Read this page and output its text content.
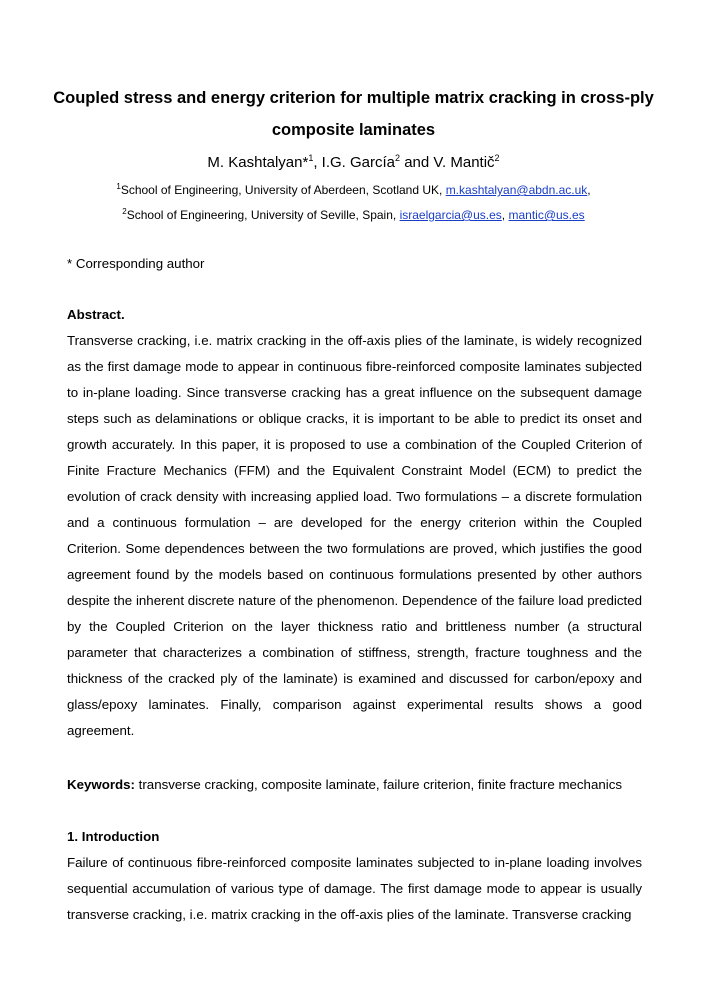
Coupled stress and energy criterion for multiple matrix cracking in cross-ply composite laminates
M. Kashtalyan*$^1$, I.G. García$^2$ and V. Mantič$^2$
$^1$School of Engineering, University of Aberdeen, Scotland UK, m.kashtalyan@abdn.ac.uk,
$^2$School of Engineering, University of Seville, Spain, israelgarcia@us.es, mantic@us.es
* Corresponding author
Abstract.
Transverse cracking, i.e. matrix cracking in the off-axis plies of the laminate, is widely recognized as the first damage mode to appear in continuous fibre-reinforced composite laminates subjected to in-plane loading. Since transverse cracking has a great influence on the subsequent damage steps such as delaminations or oblique cracks, it is important to be able to predict its onset and growth accurately. In this paper, it is proposed to use a combination of the Coupled Criterion of Finite Fracture Mechanics (FFM) and the Equivalent Constraint Model (ECM) to predict the evolution of crack density with increasing applied load. Two formulations – a discrete formulation and a continuous formulation – are developed for the energy criterion within the Coupled Criterion. Some dependences between the two formulations are proved, which justifies the good agreement found by the models based on continuous formulations presented by other authors despite the inherent discrete nature of the phenomenon. Dependence of the failure load predicted by the Coupled Criterion on the layer thickness ratio and brittleness number (a structural parameter that characterizes a combination of stiffness, strength, fracture toughness and the thickness of the cracked ply of the laminate) is examined and discussed for carbon/epoxy and glass/epoxy laminates. Finally, comparison against experimental results shows a good agreement.
Keywords: transverse cracking, composite laminate, failure criterion, finite fracture mechanics
1. Introduction
Failure of continuous fibre-reinforced composite laminates subjected to in-plane loading involves sequential accumulation of various type of damage. The first damage mode to appear is usually transverse cracking, i.e. matrix cracking in the off-axis plies of the laminate. Transverse cracking
